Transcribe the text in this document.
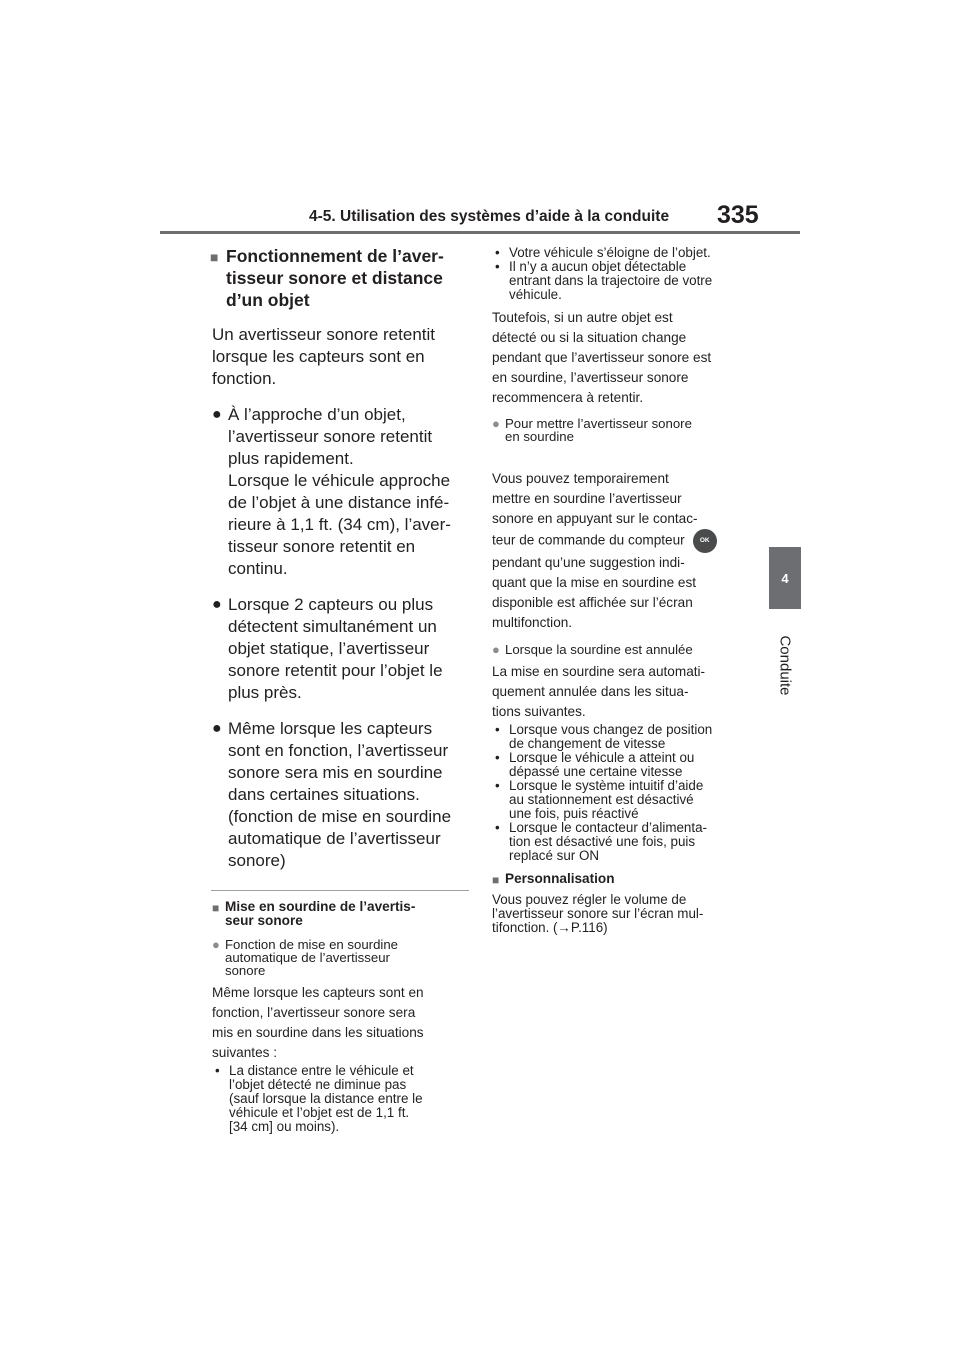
4-5. Utilisation des systèmes d’aide à la conduite 335
4
Conduite
■ Fonctionnement de l’aver-
tisseur sonore et distance
d’un objet
Un avertisseur sonore retentit
lorsque les capteurs sont en
fonction.
● À l’approche d’un objet,
l’avertisseur sonore retentit
plus rapidement.
Lorsque le véhicule approche
de l’objet à une distance infé-
rieure à 1,1 ft. (34 cm), l’aver-
tisseur sonore retentit en
continu.
● Lorsque 2 capteurs ou plus
détectent simultanément un
objet statique, l’avertisseur
sonore retentit pour l’objet le
plus près.
● Même lorsque les capteurs
sont en fonction, l’avertisseur
sonore sera mis en sourdine
dans certaines situations.
(fonction de mise en sourdine
automatique de l’avertisseur
sonore)
■ Mise en sourdine de l’avertis-
seur sonore
● Fonction de mise en sourdine
automatique de l’avertisseur
sonore
Même lorsque les capteurs sont en
fonction, l’avertisseur sonore sera
mis en sourdine dans les situations
suivantes :
• La distance entre le véhicule et
l’objet détecté ne diminue pas
(sauf lorsque la distance entre le
véhicule et l’objet est de 1,1 ft.
[34 cm] ou moins).
• Votre véhicule s’éloigne de l’objet.
• Il n’y a aucun objet détectable
entrant dans la trajectoire de votre
véhicule.
Toutefois, si un autre objet est
détecté ou si la situation change
pendant que l’avertisseur sonore est
en sourdine, l’avertisseur sonore
recommencera à retentir.
● Pour mettre l’avertisseur sonore
en sourdine

Vous pouvez temporairement
mettre en sourdine l’avertisseur
sonore en appuyant sur le contac-
teur de commande du compteur OK

pendant qu’une suggestion indi-
quant que la mise en sourdine est
disponible est affichée sur l’écran
multifonction.
● Lorsque la sourdine est annulée
La mise en sourdine sera automati-
quement annulée dans les situa-
tions suivantes.
• Lorsque vous changez de position
de changement de vitesse
• Lorsque le véhicule a atteint ou
dépassé une certaine vitesse
• Lorsque le système intuitif d’aide
au stationnement est désactivé
une fois, puis réactivé
• Lorsque le contacteur d’alimenta-
tion est désactivé une fois, puis
replacé sur ON
■ Personnalisation
Vous pouvez régler le volume de
l’avertisseur sonore sur l’écran mul-
tifonction. (→P.116)
